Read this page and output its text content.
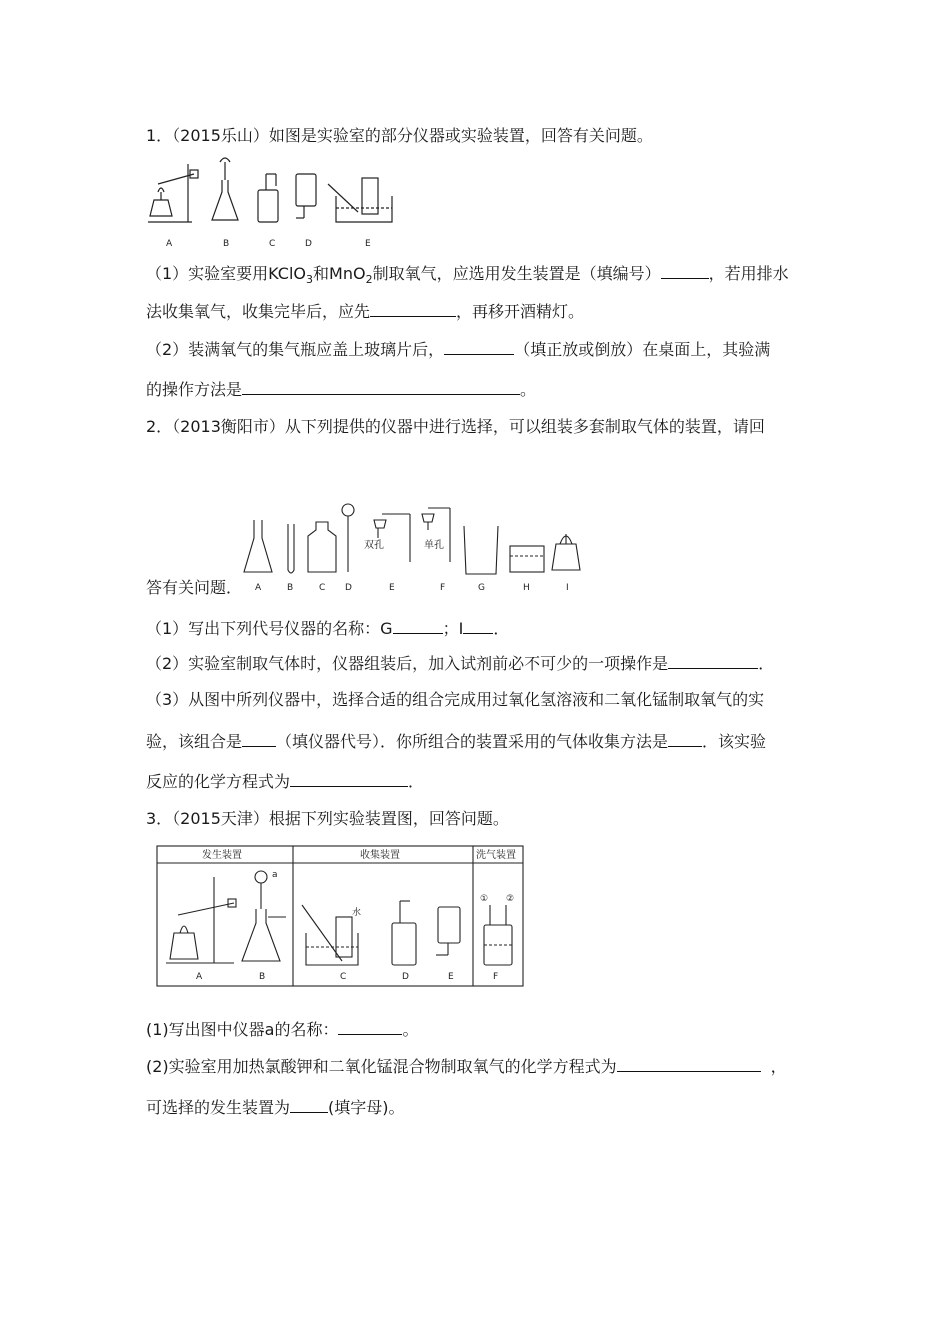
1．（2015乐山）如图是实验室的部分仪器或实验装置，回答有关问题。
A	B	C	D	E
（1）实验室要用KClO$_3$和MnO$_2$制取氧气，应选用发生装置是（填编号）	，若用排水
法收集氧气，收集完毕后，应先	，再移开酒精灯。
（2）装满氧气的集气瓶应盖上玻璃片后，	（填正放或倒放）在桌面上，其验满
的操作方法是	。
2．（2013衡阳市）从下列提供的仪器中进行选择，可以组装多套制取气体的装置，请回
双孔	单孔
A	B	C D	E	F	G	H	I
答有关问题．
（1）写出下列代号仪器的名称：G	；I ．
（2）实验室制取气体时，仪器组装后，加入试剂前必不可少的一项操作是	．
（3）从图中所列仪器中，选择合适的组合完成用过氧化氢溶液和二氧化锰制取氧气的实
验，该组合是 （填仪器代号）．你所组合的装置采用的气体收集方法是 ．该实验
反应的化学方程式为	．
3．（2015天津）根据下列实验装置图，回答问题。
发生装置	收集装置	洗气装置
a
水
① ②
A	B	C	D	E	F
(1)写出图中仪器a的名称：	。
(2)实验室用加热氯酸钾和二氧化锰混合物制取氧气的化学方程式为	，
可选择的发生装置为 (填字母)。
